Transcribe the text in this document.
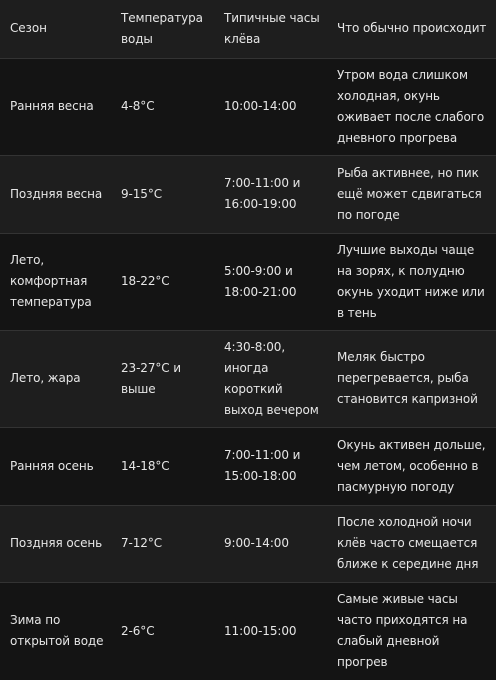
Сезон	Температура воды	Типичные часы клёва	Что обычно происходит
Ранняя весна	4-8°C	10:00-14:00	Утром вода слишком холодная, окунь оживает после слабого дневного прогрева
Поздняя весна	9-15°C	7:00-11:00 и 16:00-19:00	Рыба активнее, но пик ещё может сдвигаться по погоде
Лето, комфортная температура	18-22°C	5:00-9:00 и 18:00-21:00	Лучшие выходы чаще на зорях, к полудню окунь уходит ниже или в тень
Лето, жара	23-27°C и выше	4:30-8:00, иногда короткий выход вечером	Меляк быстро перегревается, рыба становится капризной
Ранняя осень	14-18°C	7:00-11:00 и 15:00-18:00	Окунь активен дольше, чем летом, особенно в пасмурную погоду
Поздняя осень	7-12°C	9:00-14:00	После холодной ночи клёв часто смещается ближе к середине дня
Зима по открытой воде	2-6°C	11:00-15:00	Самые живые часы часто приходятся на слабый дневной прогрев
